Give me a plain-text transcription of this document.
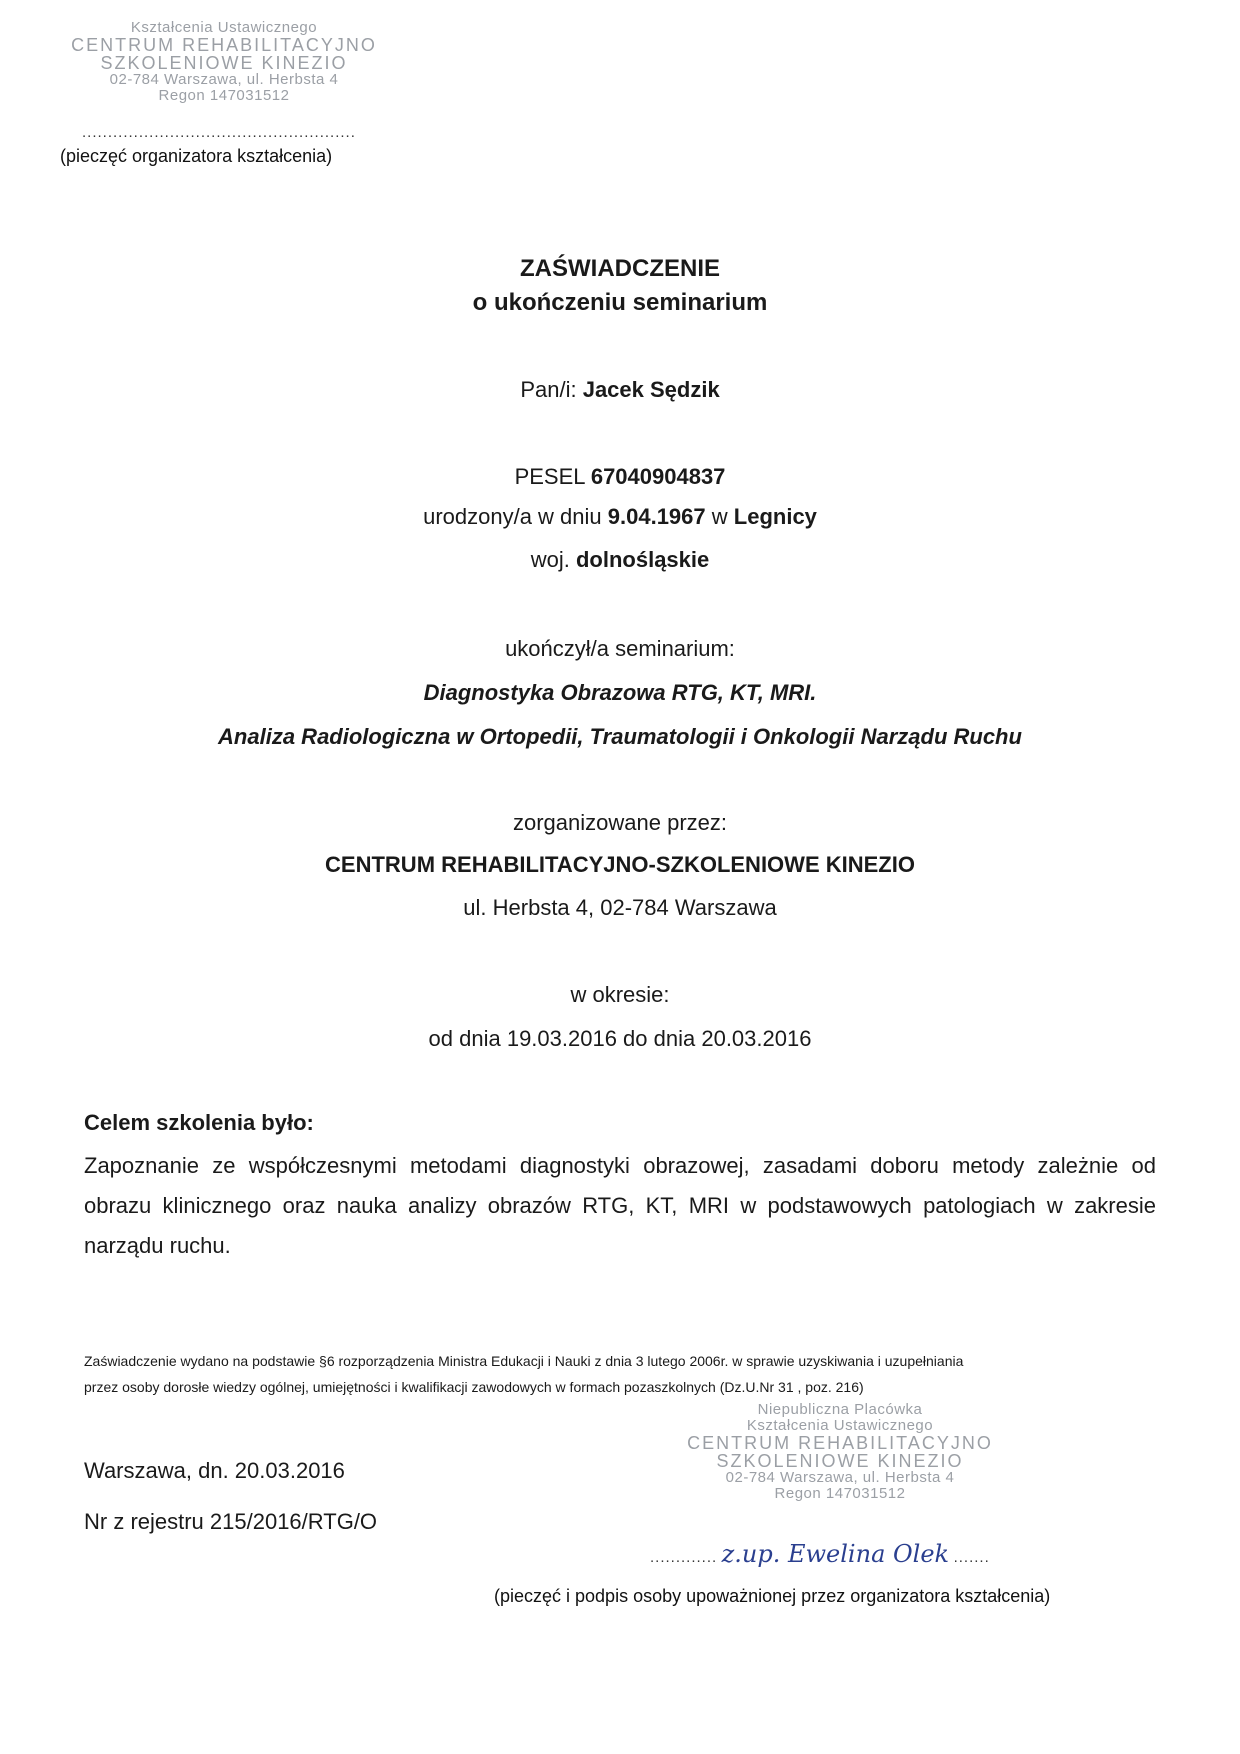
Kształcenia Ustawicznego
CENTRUM REHABILITACYJNO
SZKOLENIOWE KINEZIO
02-784 Warszawa, ul. Herbsta 4
Regon 147031512
.....................................................
(pieczęć organizatora kształcenia)
ZAŚWIADCZENIE
o ukończeniu seminarium
Pan/i: Jacek Sędzik
PESEL 67040904837
urodzony/a w dniu 9.04.1967 w Legnicy
woj. dolnośląskie
ukończył/a seminarium:
Diagnostyka Obrazowa RTG, KT, MRI.
Analiza Radiologiczna w Ortopedii, Traumatologii i Onkologii Narządu Ruchu
zorganizowane przez:
CENTRUM REHABILITACYJNO-SZKOLENIOWE KINEZIO
ul. Herbsta 4, 02-784 Warszawa
w okresie:
od dnia 19.03.2016 do dnia 20.03.2016
Celem szkolenia było:
Zapoznanie ze współczesnymi metodami diagnostyki obrazowej, zasadami doboru metody zależnie od obrazu klinicznego oraz nauka analizy obrazów RTG, KT, MRI w podstawowych patologiach w zakresie narządu ruchu.
Zaświadczenie wydano na podstawie §6 rozporządzenia Ministra Edukacji i Nauki z dnia 3 lutego 2006r. w sprawie uzyskiwania i uzupełniania
przez osoby dorosłe wiedzy ogólnej, umiejętności i kwalifikacji zawodowych w formach pozaszkolnych (Dz.U.Nr 31 , poz. 216)
Warszawa, dn. 20.03.2016
Nr z rejestru 215/2016/RTG/O
Niepubliczna Placówka
Kształcenia Ustawicznego
CENTRUM REHABILITACYJNO
SZKOLENIOWE KINEZIO
02-784 Warszawa, ul. Herbsta 4
Regon 147031512
............. z.up. Ewelina Olek .......
(pieczęć i podpis osoby upoważnionej przez organizatora kształcenia)
